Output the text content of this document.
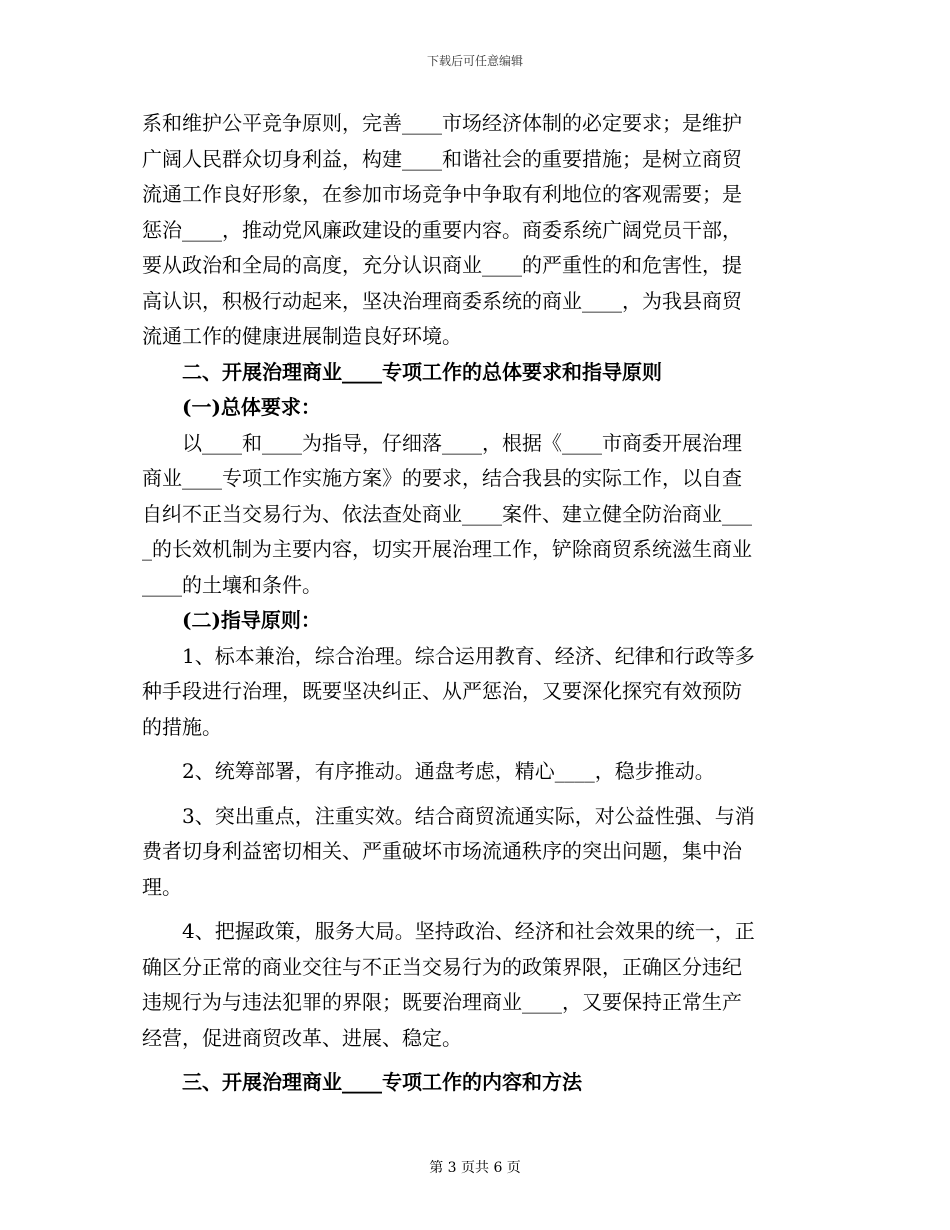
下载后可任意编辑
系和维护公平竞争原则，完善____市场经济体制的必定要求；是维护
广阔人民群众切身利益，构建____和谐社会的重要措施；是树立商贸
流通工作良好形象，在参加市场竞争中争取有利地位的客观需要；是
惩治____，推动党风廉政建设的重要内容。商委系统广阔党员干部，
要从政治和全局的高度，充分认识商业____的严重性的和危害性，提
高认识，积极行动起来，坚决治理商委系统的商业____，为我县商贸
流通工作的健康进展制造良好环境。
二、开展治理商业____专项工作的总体要求和指导原则
(一)总体要求：
以____和____为指导，仔细落____，根据《____市商委开展治理
商业____专项工作实施方案》的要求，结合我县的实际工作，以自查
自纠不正当交易行为、依法查处商业____案件、建立健全防治商业___
_的长效机制为主要内容，切实开展治理工作，铲除商贸系统滋生商业
____的土壤和条件。
(二)指导原则：
1、标本兼治，综合治理。综合运用教育、经济、纪律和行政等多
种手段进行治理，既要坚决纠正、从严惩治，又要深化探究有效预防
的措施。
2、统筹部署，有序推动。通盘考虑，精心____，稳步推动。
3、突出重点，注重实效。结合商贸流通实际，对公益性强、与消
费者切身利益密切相关、严重破坏市场流通秩序的突出问题，集中治
理。
4、把握政策，服务大局。坚持政治、经济和社会效果的统一，正
确区分正常的商业交往与不正当交易行为的政策界限，正确区分违纪
违规行为与违法犯罪的界限；既要治理商业____，又要保持正常生产
经营，促进商贸改革、进展、稳定。
三、开展治理商业____专项工作的内容和方法
第 3 页共 6 页
